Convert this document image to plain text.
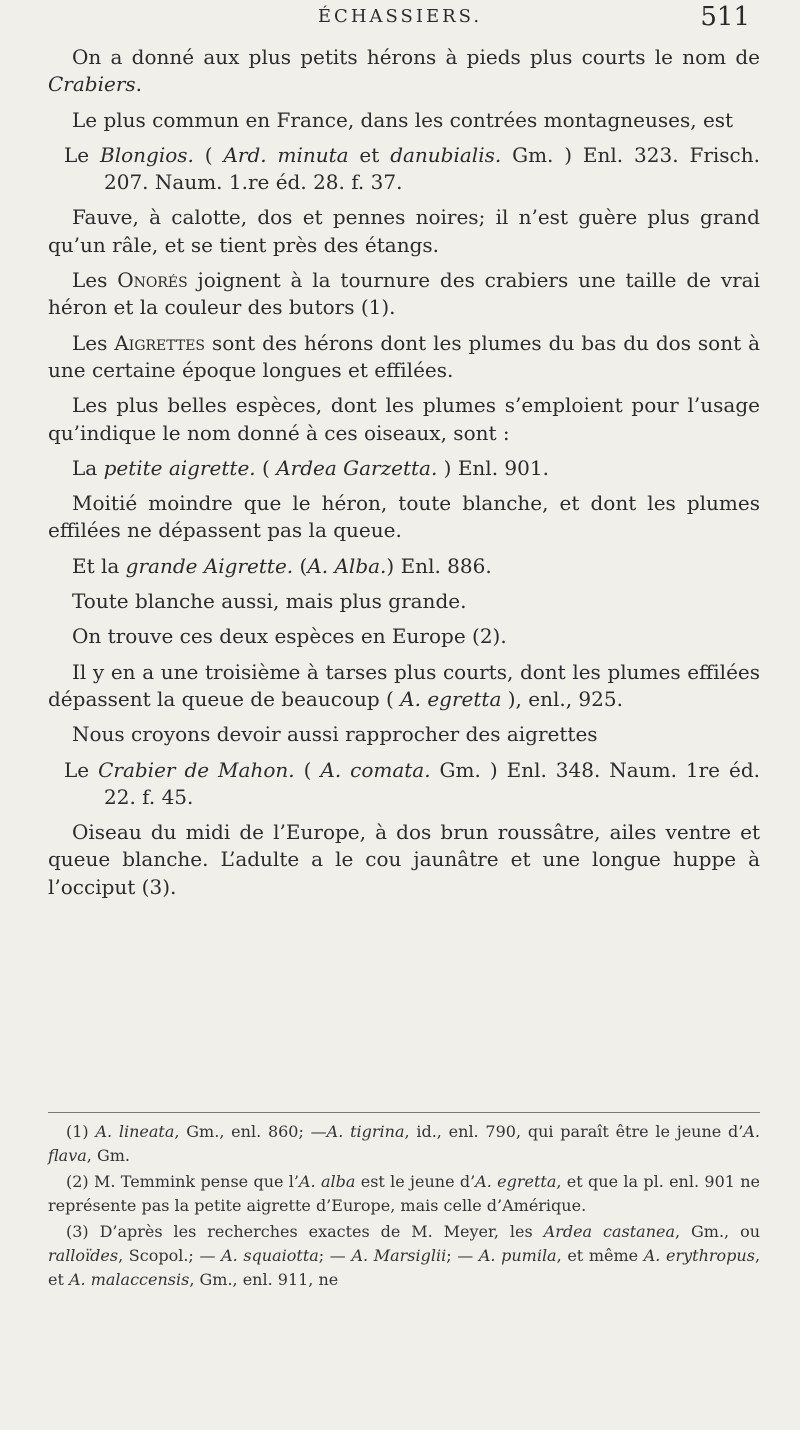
ÉCHASSIERS.	511

On a donné aux plus petits hérons à pieds plus courts le nom de Crabiers.

Le plus commun en France, dans les contrées montagneuses, est

Le Blongios. ( Ard. minuta et danubialis. Gm. ) Enl. 323. Frisch. 207. Naum. 1.re éd. 28. f. 37.

Fauve, à calotte, dos et pennes noires; il n’est guère plus grand qu’un râle, et se tient près des étangs.

Les Onorés joignent à la tournure des crabiers une taille de vrai héron et la couleur des butors (1).

Les Aigrettes sont des hérons dont les plumes du bas du dos sont à une certaine époque longues et effilées.

Les plus belles espèces, dont les plumes s’emploient pour l’usage qu’indique le nom donné à ces oiseaux, sont :

La petite aigrette. ( Ardea Garzetta. ) Enl. 901.

Moitié moindre que le héron, toute blanche, et dont les plumes effilées ne dépassent pas la queue.

Et la grande Aigrette. (A. Alba.) Enl. 886.

Toute blanche aussi, mais plus grande.

On trouve ces deux espèces en Europe (2).

Il y en a une troisième à tarses plus courts, dont les plumes effilées dépassent la queue de beaucoup ( A. egretta ), enl., 925.

Nous croyons devoir aussi rapprocher des aigrettes

Le Crabier de Mahon. ( A. comata. Gm. ) Enl. 348. Naum. 1re éd. 22. f. 45.

Oiseau du midi de l’Europe, à dos brun roussâtre, ailes ventre et queue blanche. L’adulte a le cou jaunâtre et une longue huppe à l’occiput (3).

(1) A. lineata, Gm., enl. 860; —A. tigrina, id., enl. 790, qui paraît être le jeune d’A. flava, Gm.

(2) M. Temmink pense que l’A. alba est le jeune d’A. egretta, et que la pl. enl. 901 ne représente pas la petite aigrette d’Europe, mais celle d’Amérique.

(3) D’après les recherches exactes de M. Meyer, les Ardea castanea, Gm., ou ralloïdes, Scopol.; — A. squaiotta; — A. Marsiglii; — A. pumila, et même A. erythropus, et A. malaccensis, Gm., enl. 911, ne
